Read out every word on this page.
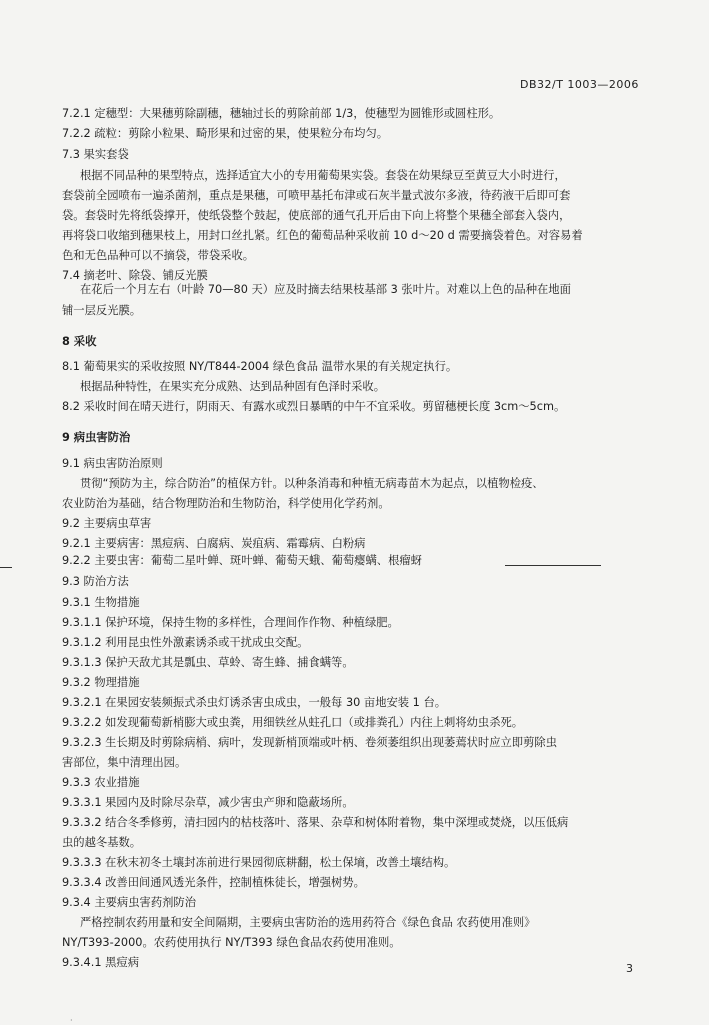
DB32/T 1003—2006
7.2.1 定穗型：大果穗剪除副穗，穗轴过长的剪除前部 1/3，使穗型为圆锥形或圆柱形。
7.2.2 疏粒：剪除小粒果、畸形果和过密的果，使果粒分布均匀。
7.3 果实套袋
根据不同品种的果型特点，选择适宜大小的专用葡萄果实袋。套袋在幼果绿豆至黄豆大小时进行，
套袋前全园喷布一遍杀菌剂，重点是果穗，可喷甲基托布津或石灰半量式波尔多液，待药液干后即可套
袋。套袋时先将纸袋撑开，使纸袋整个鼓起，使底部的通气孔开后由下向上将整个果穗全部套入袋内，
再将袋口收缩到穗果枝上，用封口丝扎紧。红色的葡萄品种采收前 10 d～20 d 需要摘袋着色。对容易着
色和无色品种可以不摘袋，带袋采收。
7.4 摘老叶、除袋、铺反光膜
在花后一个月左右（叶龄 70—80 天）应及时摘去结果枝基部 3 张叶片。对难以上色的品种在地面
铺一层反光膜。
8 采收
8.1 葡萄果实的采收按照 NY/T844-2004 绿色食品 温带水果的有关规定执行。
根据品种特性，在果实充分成熟、达到品种固有色泽时采收。
8.2 采收时间在晴天进行，阴雨天、有露水或烈日暴晒的中午不宜采收。剪留穗梗长度 3cm～5cm。
9 病虫害防治
9.1 病虫害防治原则
贯彻“预防为主，综合防治”的植保方针。以种条消毒和种植无病毒苗木为起点，以植物检疫、
农业防治为基础，结合物理防治和生物防治，科学使用化学药剂。
9.2 主要病虫草害
9.2.1 主要病害：黑痘病、白腐病、炭疽病、霜霉病、白粉病
9.2.2 主要虫害：葡萄二星叶蝉、斑叶蝉、葡萄天蛾、葡萄瘿螨、根瘤蚜
9.3 防治方法
9.3.1 生物措施
9.3.1.1 保护环境，保持生物的多样性，合理间作作物、种植绿肥。
9.3.1.2 利用昆虫性外激素诱杀或干扰成虫交配。
9.3.1.3 保护天敌尤其是瓢虫、草蛉、寄生蜂、捕食螨等。
9.3.2 物理措施
9.3.2.1 在果园安装频振式杀虫灯诱杀害虫成虫，一般每 30 亩地安装 1 台。
9.3.2.2 如发现葡萄新梢膨大或虫粪，用细铁丝从蛀孔口（或排粪孔）内往上刺将幼虫杀死。
9.3.2.3 生长期及时剪除病梢、病叶，发现新梢顶端或叶柄、卷须萎组织出现萎蔫状时应立即剪除虫
害部位，集中清理出园。
9.3.3 农业措施
9.3.3.1 果园内及时除尽杂草，减少害虫产卵和隐蔽场所。
9.3.3.2 结合冬季修剪，清扫园内的枯枝落叶、落果、杂草和树体附着物，集中深埋或焚烧，以压低病
虫的越冬基数。
9.3.3.3 在秋末初冬土壤封冻前进行果园彻底耕翻，松土保墒，改善土壤结构。
9.3.3.4 改善田间通风透光条件，控制植株徒长，增强树势。
9.3.4 主要病虫害药剂防治
严格控制农药用量和安全间隔期，主要病虫害防治的选用药符合《绿色食品 农药使用准则》
NY/T393-2000。农药使用执行 NY/T393 绿色食品农药使用准则。
9.3.4.1 黑痘病	3
·
